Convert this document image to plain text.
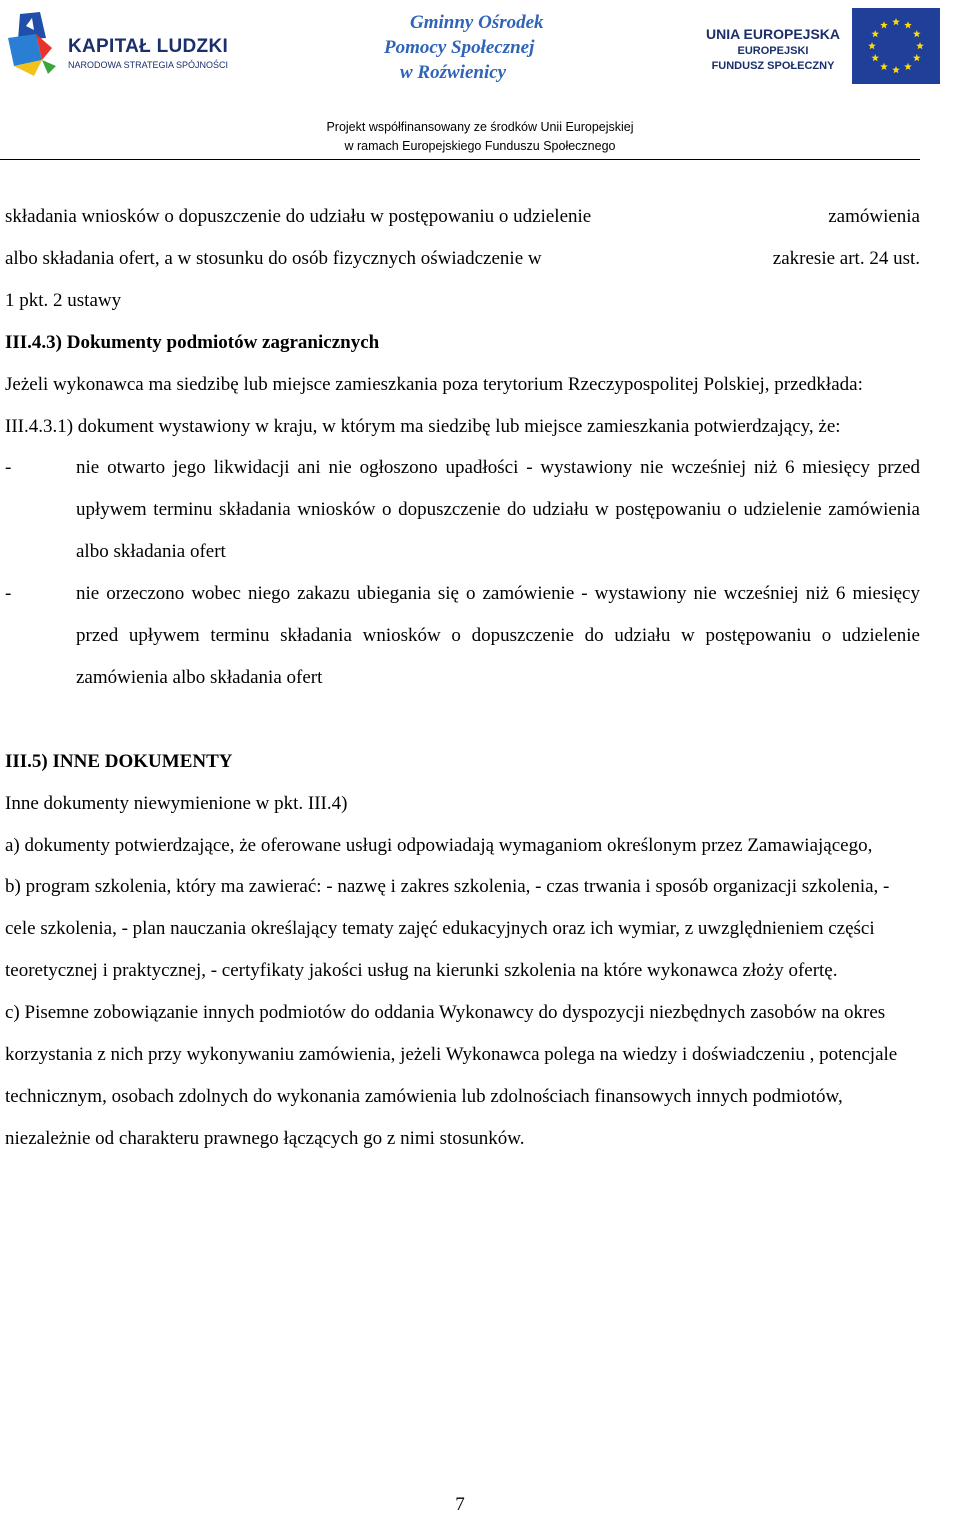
KAPITAŁ LUDZKI
NARODOWA STRATEGIA SPÓJNOŚCI
Gminny Ośrodek
Pomocy Społecznej
w Roźwienicy
UNIA EUROPEJSKA
EUROPEJSKI
FUNDUSZ SPOŁECZNY
Projekt współfinansowany ze środków Unii Europejskiej
w ramach Europejskiego Funduszu Społecznego
składania wniosków o dopuszczenie do udziału w postępowaniu o udzielenie	zamówienia
albo składania ofert, a w stosunku do osób fizycznych oświadczenie w	zakresie art. 24 ust.

1 pkt. 2 ustawy

III.4.3) Dokumenty podmiotów zagranicznych

Jeżeli wykonawca ma siedzibę lub miejsce zamieszkania poza terytorium Rzeczypospolitej Polskiej, przedkłada:

III.4.3.1) dokument wystawiony w kraju, w którym ma siedzibę lub miejsce zamieszkania potwierdzający, że:

-	nie otwarto jego likwidacji ani nie ogłoszono upadłości - wystawiony nie wcześniej niż 6 miesięcy przed upływem terminu składania wniosków o dopuszczenie do udziału w postępowaniu o udzielenie zamówienia albo składania ofert
-	nie orzeczono wobec niego zakazu ubiegania się o zamówienie - wystawiony nie wcześniej niż 6 miesięcy przed upływem terminu składania wniosków o dopuszczenie do udziału w postępowaniu o udzielenie zamówienia albo składania ofert

III.5) INNE DOKUMENTY

Inne dokumenty niewymienione w pkt. III.4)

a) dokumenty potwierdzające, że oferowane usługi odpowiadają wymaganiom określonym przez Zamawiającego,

b) program szkolenia, który ma zawierać: - nazwę i zakres szkolenia, - czas trwania i sposób organizacji szkolenia, - cele szkolenia, - plan nauczania określający tematy zajęć edukacyjnych oraz ich wymiar, z uwzględnieniem części teoretycznej i praktycznej, - certyfikaty jakości usług na kierunki szkolenia na które wykonawca złoży ofertę.

c) Pisemne zobowiązanie innych podmiotów do oddania Wykonawcy do dyspozycji niezbędnych zasobów na okres korzystania z nich przy wykonywaniu zamówienia, jeżeli Wykonawca polega na wiedzy i doświadczeniu , potencjale technicznym, osobach zdolnych do wykonania zamówienia lub zdolnościach finansowych innych podmiotów, niezależnie od charakteru prawnego łączących go z nimi stosunków.

7
